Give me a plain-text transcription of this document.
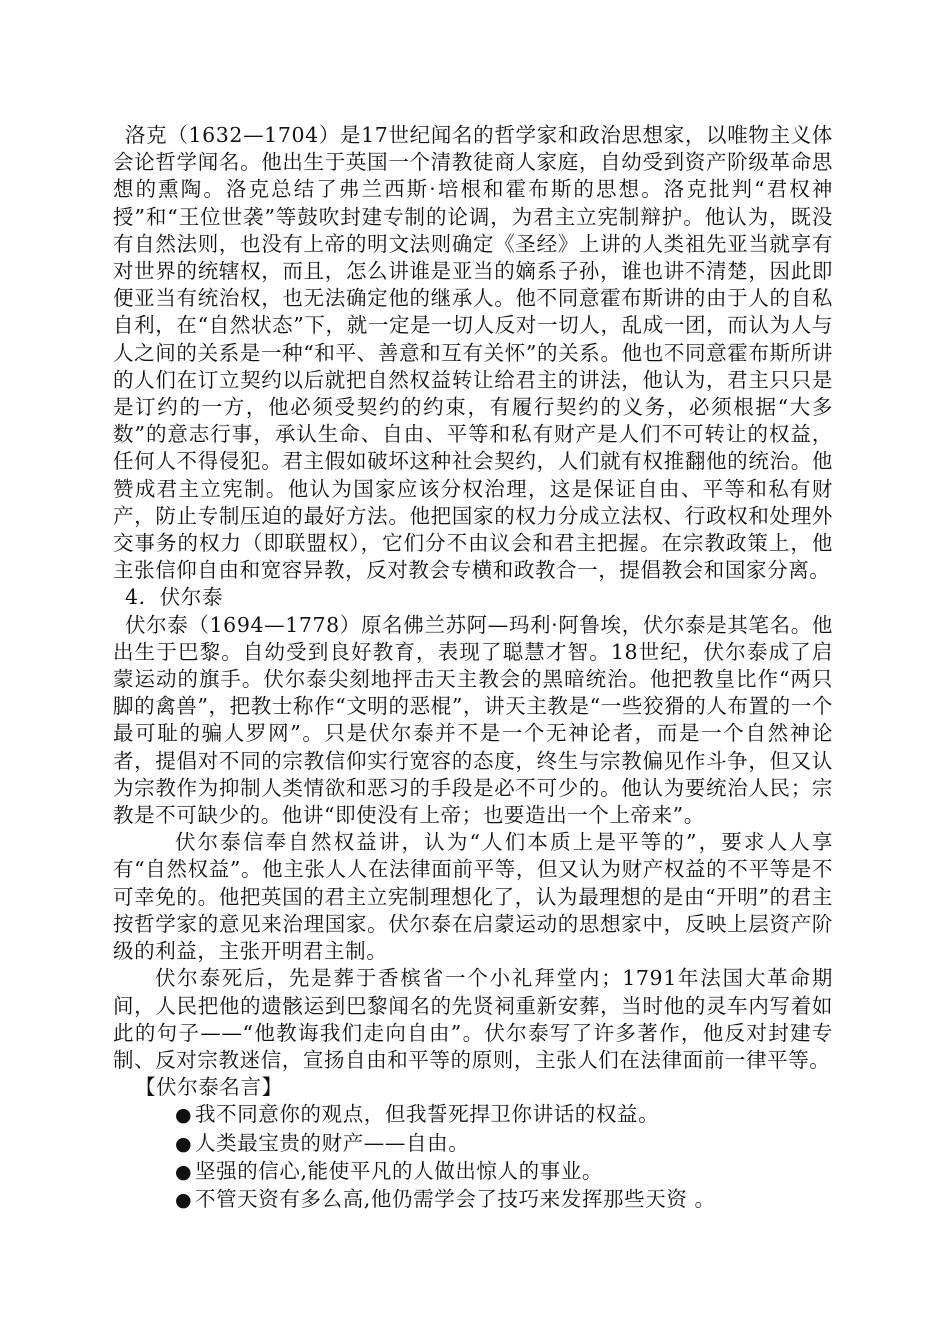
洛克（1632—1704）是17世纪闻名的哲学家和政治思想家，以唯物主义体会论哲学闻名。他出生于英国一个清教徒商人家庭，自幼受到资产阶级革命思想的熏陶。洛克总结了弗兰西斯·培根和霍布斯的思想。洛克批判“君权神授”和“王位世袭”等鼓吹封建专制的论调，为君主立宪制辩护。他认为，既没有自然法则，也没有上帝的明文法则确定《圣经》上讲的人类祖先亚当就享有对世界的统辖权，而且，怎么讲谁是亚当的嫡系子孙，谁也讲不清楚，因此即便亚当有统治权，也无法确定他的继承人。他不同意霍布斯讲的由于人的自私自利，在“自然状态”下，就一定是一切人反对一切人，乱成一团，而认为人与人之间的关系是一种“和平、善意和互有关怀”的关系。他也不同意霍布斯所讲的人们在订立契约以后就把自然权益转让给君主的讲法，他认为，君主只只是是订约的一方，他必须受契约的约束，有履行契约的义务，必须根据“大多数”的意志行事，承认生命、自由、平等和私有财产是人们不可转让的权益，任何人不得侵犯。君主假如破坏这种社会契约，人们就有权推翻他的统治。他赞成君主立宪制。他认为国家应该分权治理，这是保证自由、平等和私有财产，防止专制压迫的最好方法。他把国家的权力分成立法权、行政权和处理外交事务的权力（即联盟权），它们分不由议会和君主把握。在宗教政策上，他主张信仰自由和宽容异教，反对教会专横和政教合一，提倡教会和国家分离。

4．伏尔泰

伏尔泰（1694—1778）原名佛兰苏阿—玛利·阿鲁埃，伏尔泰是其笔名。他出生于巴黎。自幼受到良好教育，表现了聪慧才智。18世纪，伏尔泰成了启蒙运动的旗手。伏尔泰尖刻地抨击天主教会的黑暗统治。他把教皇比作“两只脚的禽兽”，把教士称作“文明的恶棍”，讲天主教是“一些狡猾的人布置的一个最可耻的骗人罗网”。只是伏尔泰并不是一个无神论者，而是一个自然神论者，提倡对不同的宗教信仰实行宽容的态度，终生与宗教偏见作斗争，但又认为宗教作为抑制人类情欲和恶习的手段是必不可少的。他认为要统治人民；宗教是不可缺少的。他讲“即使没有上帝；也要造出一个上帝来”。

伏尔泰信奉自然权益讲，认为“人们本质上是平等的”，要求人人享有“自然权益”。他主张人人在法律面前平等，但又认为财产权益的不平等是不可幸免的。他把英国的君主立宪制理想化了，认为最理想的是由“开明”的君主按哲学家的意见来治理国家。伏尔泰在启蒙运动的思想家中，反映上层资产阶级的利益，主张开明君主制。

伏尔泰死后，先是葬于香槟省一个小礼拜堂内；1791年法国大革命期间，人民把他的遗骸运到巴黎闻名的先贤祠重新安葬，当时他的灵车内写着如此的句子——“他教诲我们走向自由”。伏尔泰写了许多著作，他反对封建专制、反对宗教迷信，宣扬自由和平等的原则，主张人们在法律面前一律平等。

【伏尔泰名言】

● 我不同意你的观点，但我誓死捍卫你讲话的权益。
● 人类最宝贵的财产——自由。
● 坚强的信心,能使平凡的人做出惊人的事业。
● 不管天资有多么高,他仍需学会了技巧来发挥那些天资 。
